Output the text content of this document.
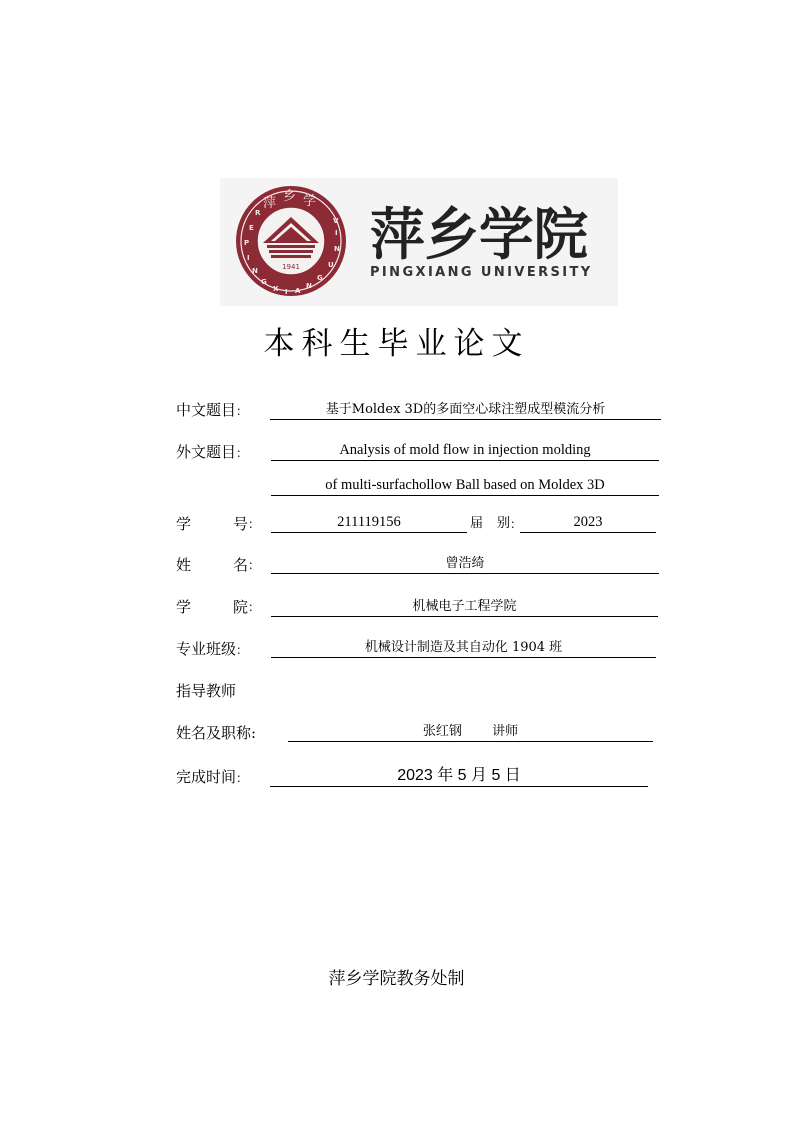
1941
P
I
N
G
X I A
N
G
U
N
I
V
E
R
萍 乡 学
萍乡学院
PINGXIANG UNIVERSITY
本科生毕业论文
中文题目：	基于Moldex 3D的多面空心球注塑成型模流分析
外文题目：	Analysis of mold flow in injection molding
of multi-surfachollow Ball based on Moldex 3D
学	号 ：	211119156	届 别 ：	2023
姓	名 ：	曾浩绮
学	院 ：	机械电子工程学院
专业班级：	机械设计制造及其自动化 1904 班
指导教师
姓名及职称:	张红钢 讲师
完成时间：	2023 年 5 月 5 日
萍乡学院教务处制
